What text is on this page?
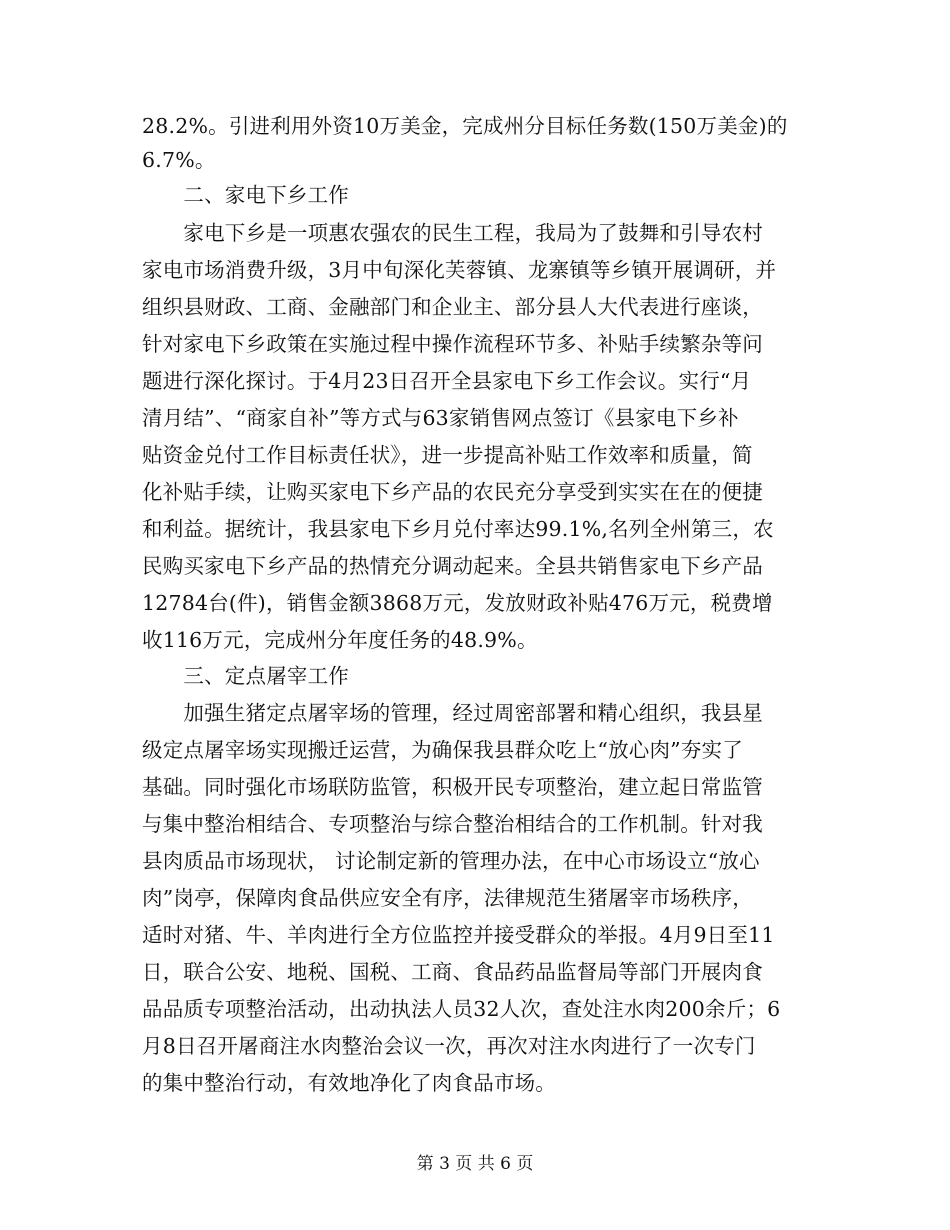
28.2%。引进利用外资10万美金，完成州分目标任务数(150万美金)的
6.7%。
　　二、家电下乡工作
　　家电下乡是一项惠农强农的民生工程，我局为了鼓舞和引导农村
家电市场消费升级，3月中旬深化芙蓉镇、龙寨镇等乡镇开展调研，并
组织县财政、工商、金融部门和企业主、部分县人大代表进行座谈，
针对家电下乡政策在实施过程中操作流程环节多、补贴手续繁杂等问
题进行深化探讨。于4月23日召开全县家电下乡工作会议。实行“月
清月结”、“商家自补”等方式与63家销售网点签订《县家电下乡补
贴资金兑付工作目标责任状》，进一步提高补贴工作效率和质量，简
化补贴手续，让购买家电下乡产品的农民充分享受到实实在在的便捷
和利益。据统计，我县家电下乡月兑付率达99.1%,名列全州第三，农
民购买家电下乡产品的热情充分调动起来。全县共销售家电下乡产品
12784台(件)，销售金额3868万元，发放财政补贴476万元，税费增
收116万元，完成州分年度任务的48.9%。
　　三、定点屠宰工作
　　加强生猪定点屠宰场的管理，经过周密部署和精心组织，我县星
级定点屠宰场实现搬迁运营，为确保我县群众吃上“放心肉”夯实了
基础。同时强化市场联防监管，积极开民专项整治，建立起日常监管
与集中整治相结合、专项整治与综合整治相结合的工作机制。针对我
县肉质品市场现状， 讨论制定新的管理办法，在中心市场设立“放心
肉”岗亭，保障肉食品供应安全有序，法律规范生猪屠宰市场秩序，
适时对猪、牛、羊肉进行全方位监控并接受群众的举报。4月9日至11
日，联合公安、地税、国税、工商、食品药品监督局等部门开展肉食
品品质专项整治活动，出动执法人员32人次，查处注水肉200余斤；6
月8日召开屠商注水肉整治会议一次，再次对注水肉进行了一次专门
的集中整治行动，有效地净化了肉食品市场。
第 3 页 共 6 页
